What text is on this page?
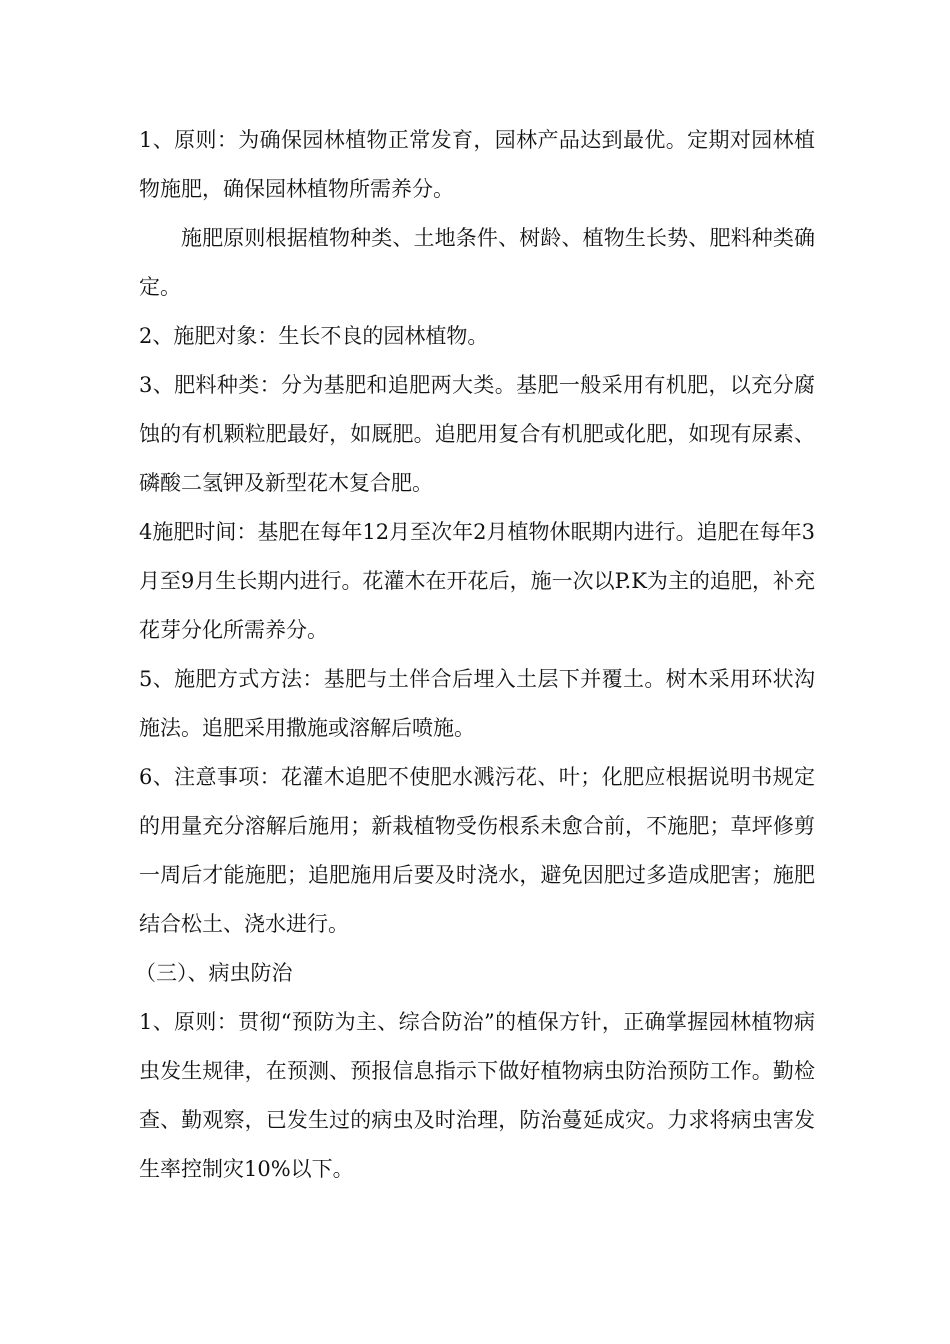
1、原则：为确保园林植物正常发育，园林产品达到最优。定期对园林植物施肥，确保园林植物所需养分。

施肥原则根据植物种类、土地条件、树龄、植物生长势、肥料种类确定。

2、施肥对象：生长不良的园林植物。

3、肥料种类：分为基肥和追肥两大类。基肥一般采用有机肥，以充分腐蚀的有机颗粒肥最好，如厩肥。追肥用复合有机肥或化肥，如现有尿素、磷酸二氢钾及新型花木复合肥。

4施肥时间：基肥在每年12月至次年2月植物休眠期内进行。追肥在每年3月至9月生长期内进行。花灌木在开花后，施一次以P.K为主的追肥，补充花芽分化所需养分。

5、施肥方式方法：基肥与土伴合后埋入土层下并覆土。树木采用环状沟施法。追肥采用撒施或溶解后喷施。

6、注意事项：花灌木追肥不使肥水溅污花、叶；化肥应根据说明书规定的用量充分溶解后施用；新栽植物受伤根系未愈合前，不施肥；草坪修剪一周后才能施肥；追肥施用后要及时浇水，避免因肥过多造成肥害；施肥结合松土、浇水进行。

（三）、病虫防治

1、原则：贯彻“预防为主、综合防治”的植保方针，正确掌握园林植物病虫发生规律，在预测、预报信息指示下做好植物病虫防治预防工作。勤检查、勤观察，已发生过的病虫及时治理，防治蔓延成灾。力求将病虫害发生率控制灾10%以下。
